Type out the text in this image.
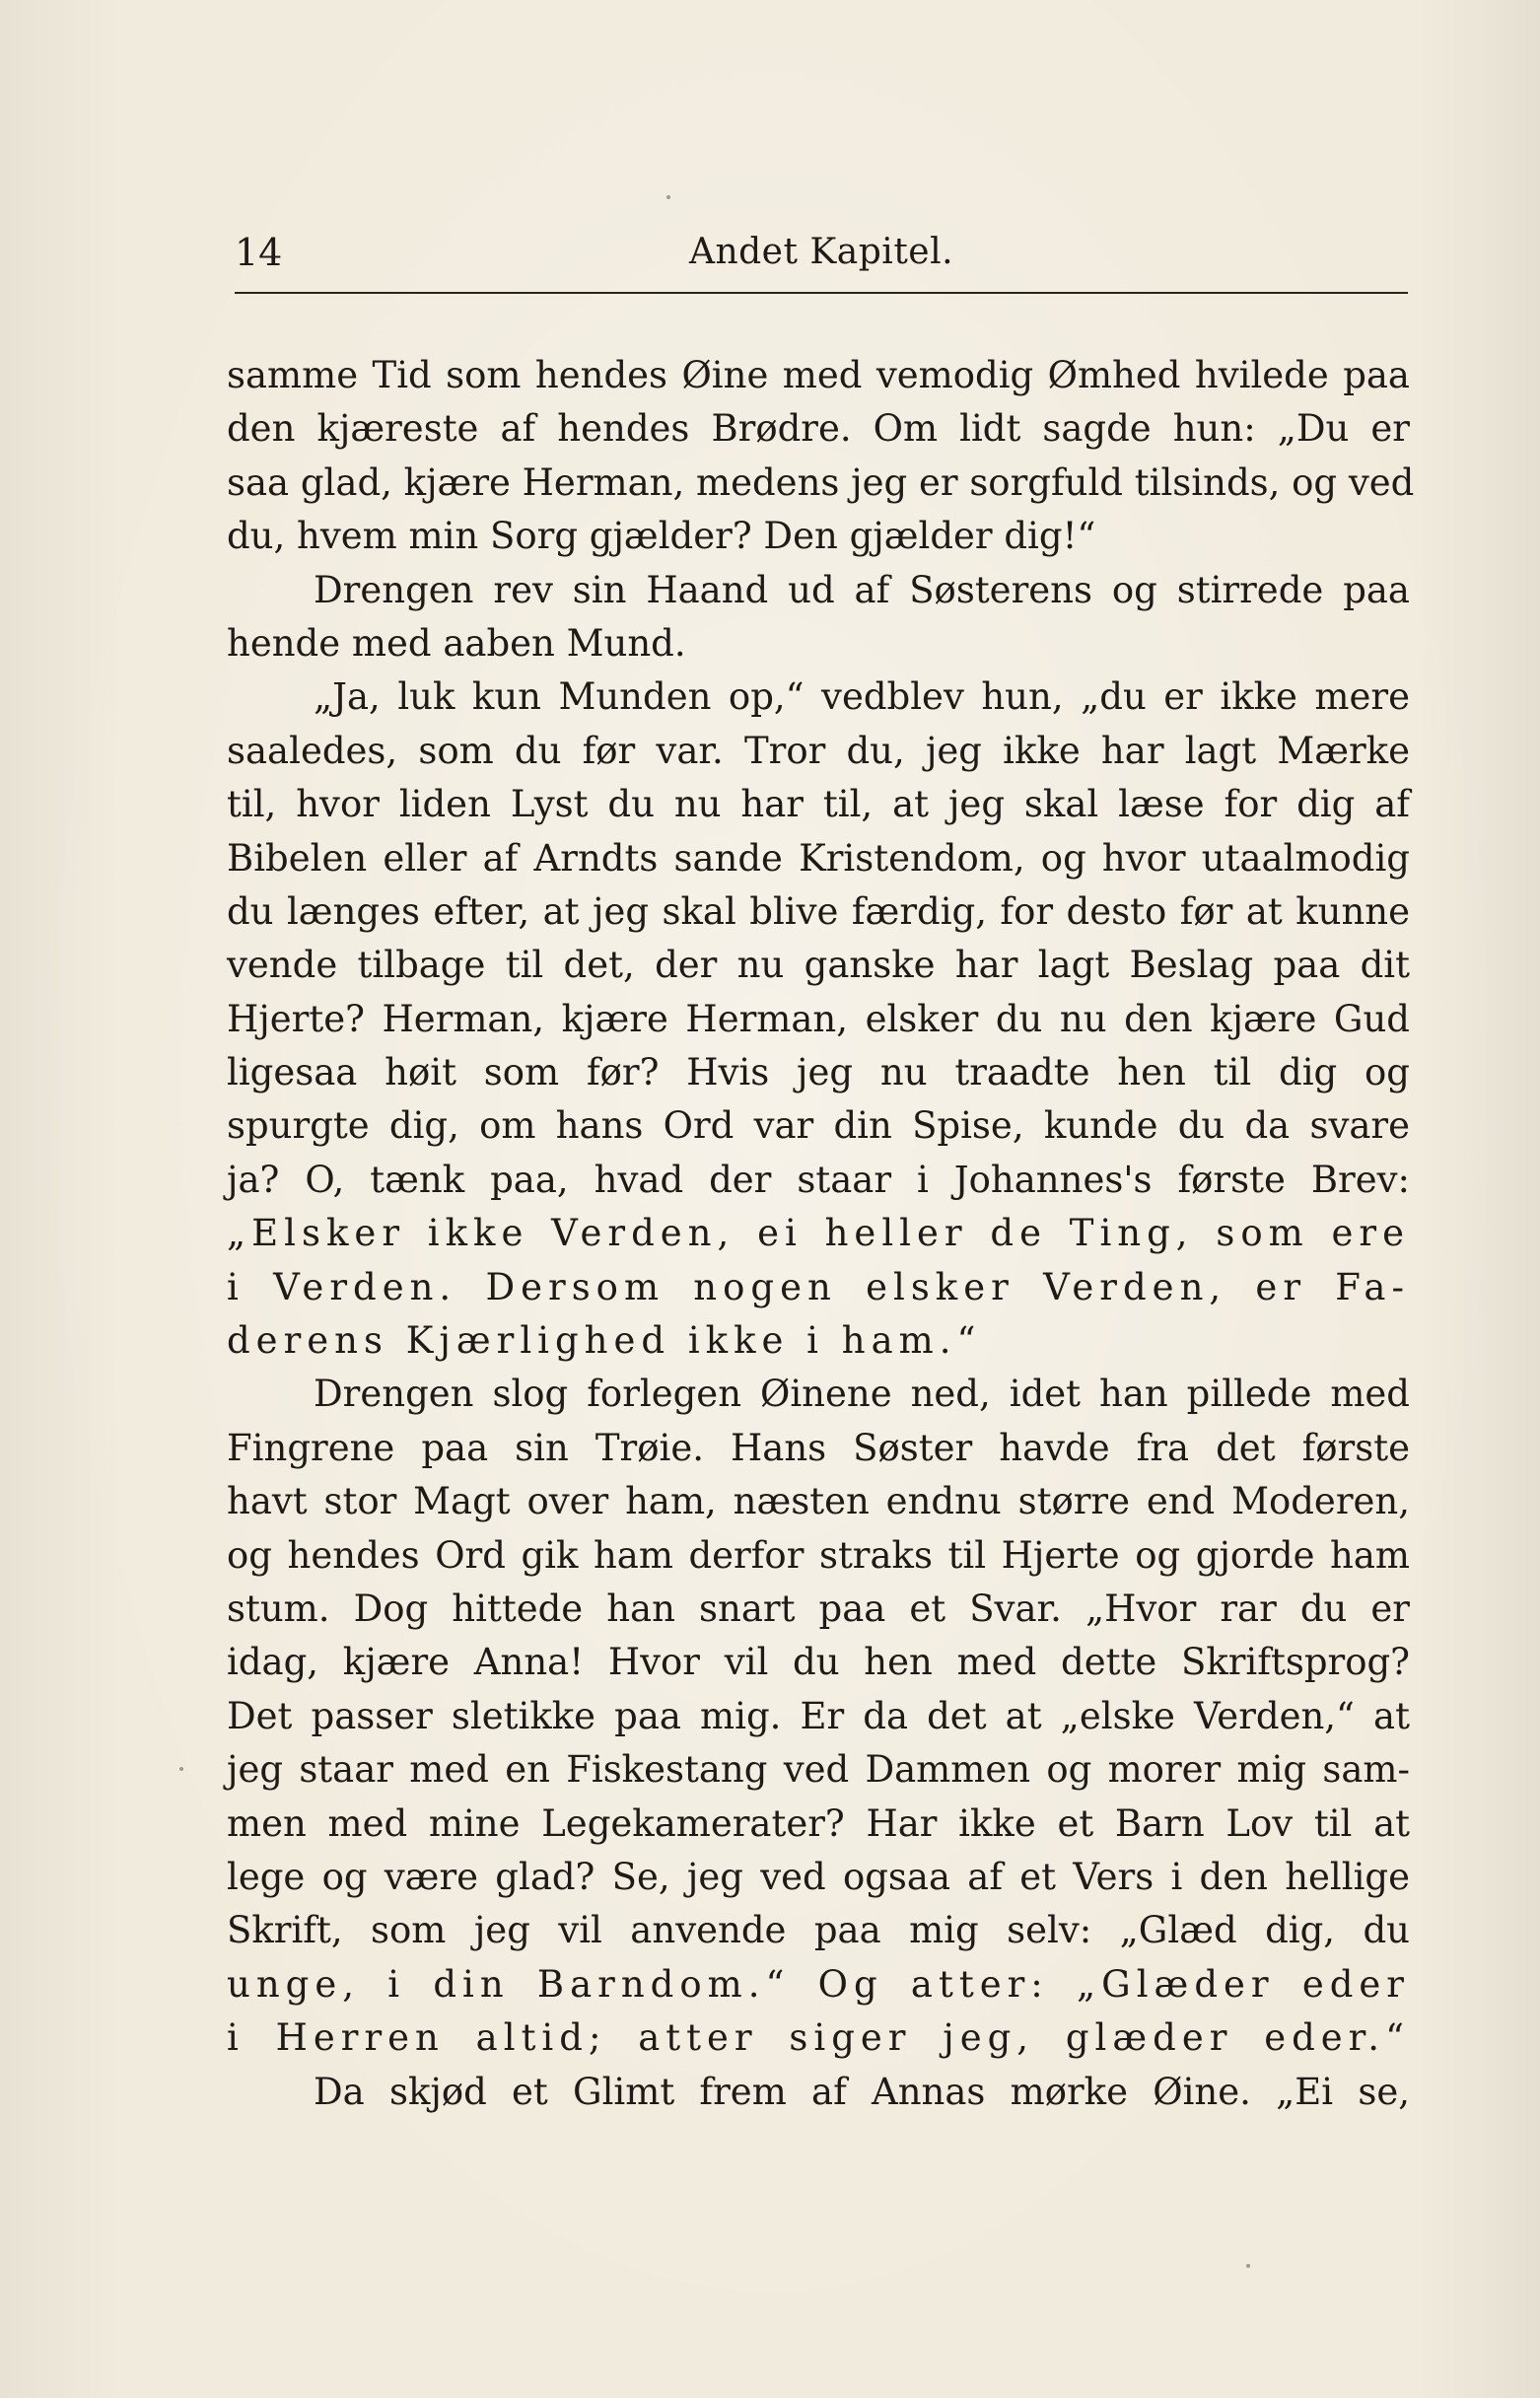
14	Andet Kapitel.
samme Tid som hendes Øine med vemodig Ømhed hvilede paa
den kjæreste af hendes Brødre. Om lidt sagde hun: „Du er
saa glad, kjære Herman, medens jeg er sorgfuld tilsinds, og ved
du, hvem min Sorg gjælder? Den gjælder dig!“
Drengen rev sin Haand ud af Søsterens og stirrede paa
hende med aaben Mund.
„Ja, luk kun Munden op,“ vedblev hun, „du er ikke mere
saaledes, som du før var. Tror du, jeg ikke har lagt Mærke
til, hvor liden Lyst du nu har til, at jeg skal læse for dig af
Bibelen eller af Arndts sande Kristendom, og hvor utaalmodig
du længes efter, at jeg skal blive færdig, for desto før at kunne
vende tilbage til det, der nu ganske har lagt Beslag paa dit
Hjerte? Herman, kjære Herman, elsker du nu den kjære Gud
ligesaa høit som før? Hvis jeg nu traadte hen til dig og
spurgte dig, om hans Ord var din Spise, kunde du da svare
ja? O, tænk paa, hvad der staar i Johannes's første Brev:
„Elsker ikke Verden, ei heller de Ting, som ere
i Verden. Dersom nogen elsker Verden, er Fa-
derens Kjærlighed ikke i ham.“
Drengen slog forlegen Øinene ned, idet han pillede med
Fingrene paa sin Trøie. Hans Søster havde fra det første
havt stor Magt over ham, næsten endnu større end Moderen,
og hendes Ord gik ham derfor straks til Hjerte og gjorde ham
stum. Dog hittede han snart paa et Svar. „Hvor rar du er
idag, kjære Anna! Hvor vil du hen med dette Skriftsprog?
Det passer sletikke paa mig. Er da det at „elske Verden,“ at
jeg staar med en Fiskestang ved Dammen og morer mig sam-
men med mine Legekamerater? Har ikke et Barn Lov til at
lege og være glad? Se, jeg ved ogsaa af et Vers i den hellige
Skrift, som jeg vil anvende paa mig selv: „Glæd dig, du
unge, i din Barndom.“ Og atter: „Glæder eder
i Herren altid; atter siger jeg, glæder eder.“
Da skjød et Glimt frem af Annas mørke Øine. „Ei se,
